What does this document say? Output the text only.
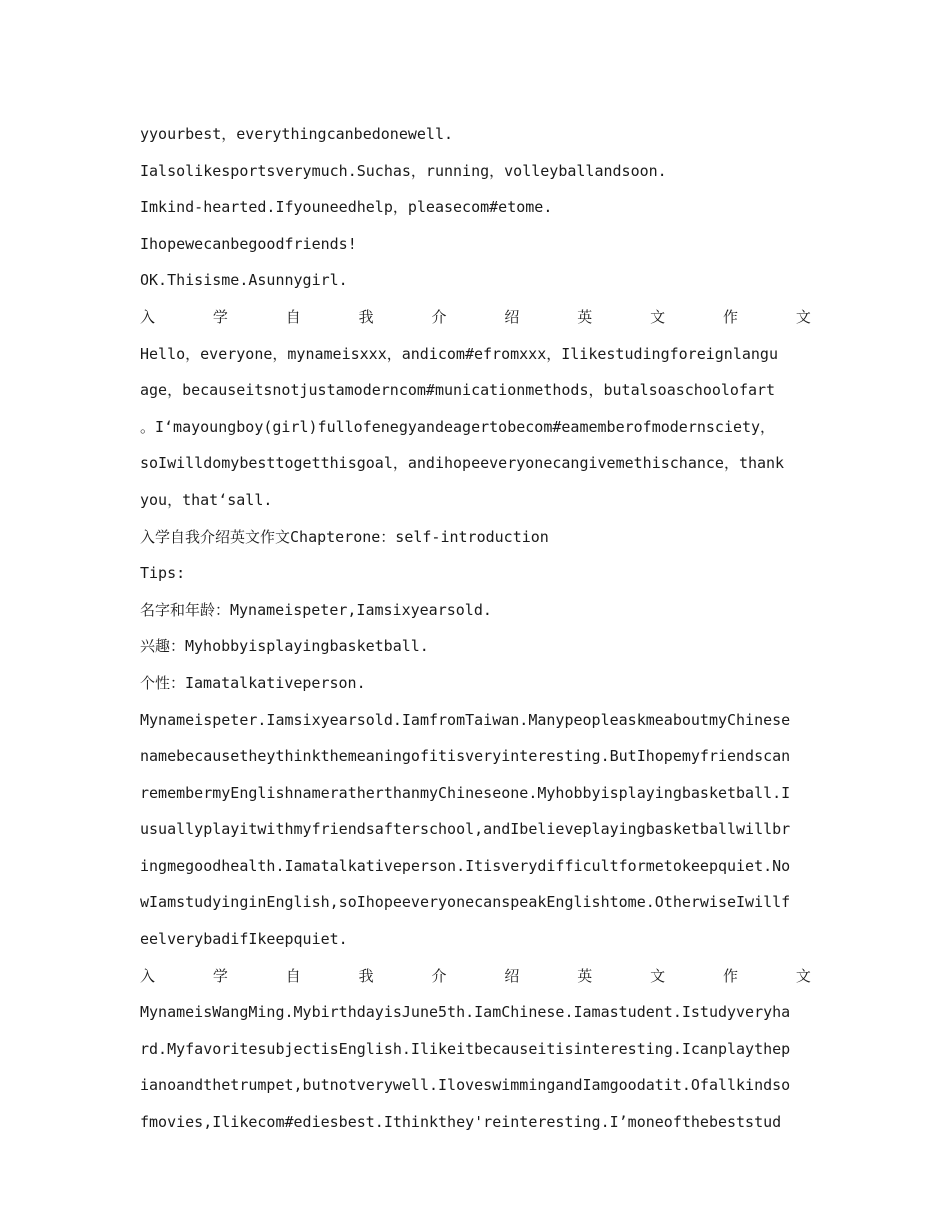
yyourbest，everythingcanbedonewell.
Ialsolikesportsverymuch.Suchas，running，volleyballandsoon.
Imkind-hearted.Ifyouneedhelp，pleasecom#etome.
Ihopewecanbegoodfriends!
OK.Thisisme.Asunnygirl.
入	学	自	我	介	绍	英	文	作	文
Hello，everyone，mynameisxxx，andicom#efromxxx，Ilikestudingforeignlangu
age，becauseitsnotjustamoderncom#municationmethods，butalsoaschoolofart
。I‘mayoungboy(girl)fullofenegyandeagertobecom#eamemberofmodernsciety，
soIwilldomybesttogetthisgoal，andihopeeveryonecangivemethischance，thank
you，that‘sall.
入学自我介绍英文作文Chapterone：self-introduction
Tips:
名字和年龄：Mynameispeter,Iamsixyearsold.
兴趣：Myhobbyisplayingbasketball.
个性：Iamatalkativeperson.
Mynameispeter.Iamsixyearsold.IamfromTaiwan.ManypeopleaskmeaboutmyChinese
namebecausetheythinkthemeaningofitisveryinteresting.ButIhopemyfriendscan
remembermyEnglishnameratherthanmyChineseone.Myhobbyisplayingbasketball.I
usuallyplayitwithmyfriendsafterschool,andIbelieveplayingbasketballwillbr
ingmegoodhealth.Iamatalkativeperson.Itisverydifficultformetokeepquiet.No
wIamstudyinginEnglish,soIhopeeveryonecanspeakEnglishtome.OtherwiseIwillf
eelverybadifIkeepquiet.
入	学	自	我	介	绍	英	文	作	文
MynameisWangMing.MybirthdayisJune5th.IamChinese.Iamastudent.Istudyveryha
rd.MyfavoritesubjectisEnglish.Ilikeitbecauseitisinteresting.Icanplaythep
ianoandthetrumpet,butnotverywell.IloveswimmingandIamgoodatit.Ofallkindso
fmovies,Ilikecom#ediesbest.Ithinkthey'reinteresting.I’moneofthebeststud
